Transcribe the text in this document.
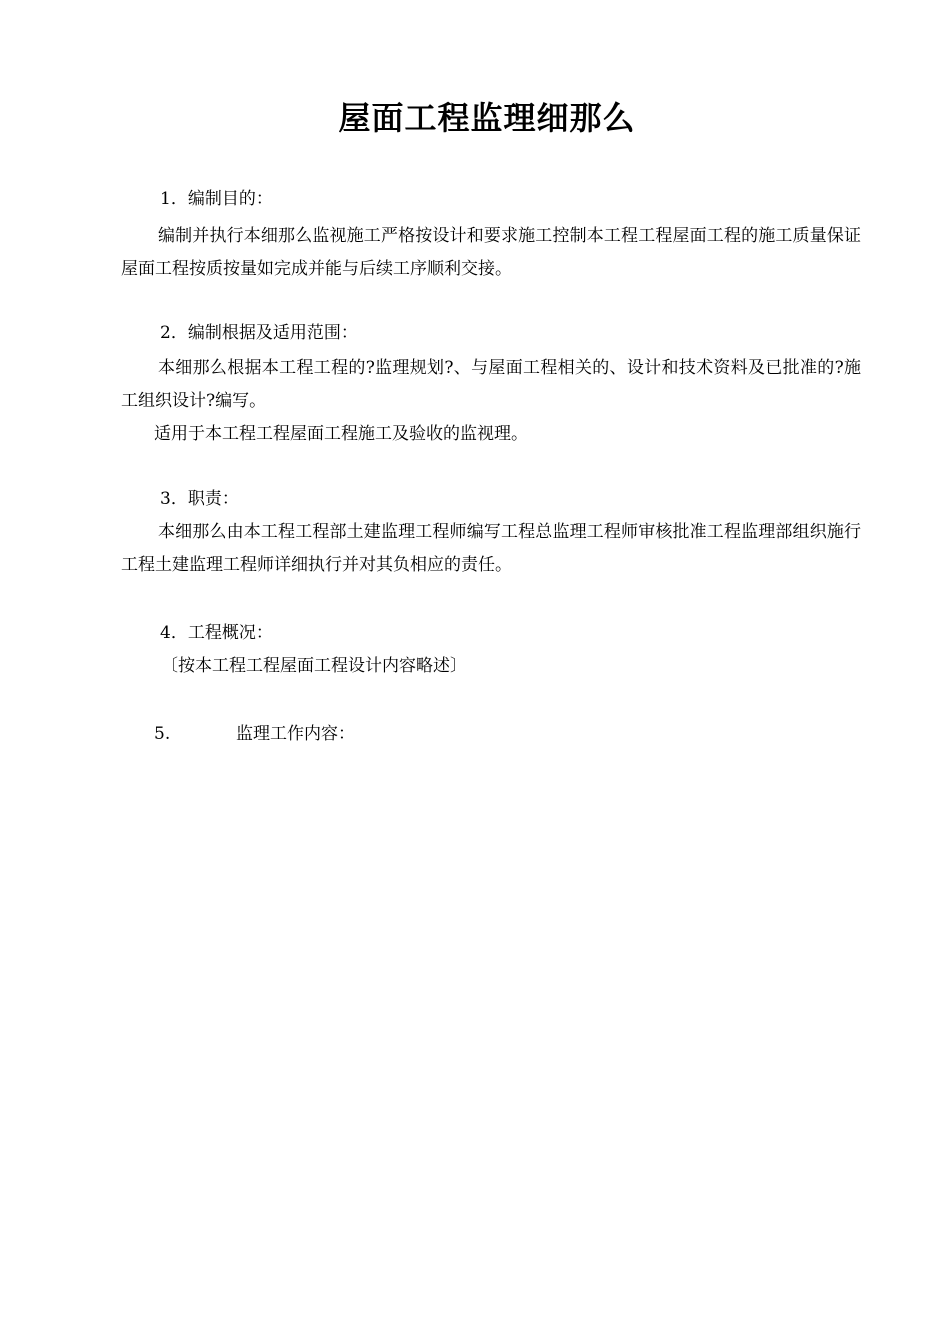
屋面工程监理细那么
1．编制目的：
编制并执行本细那么监视施工严格按设计和要求施工控制本工程工程屋面工程的施工质量保证屋面工程按质按量如完成并能与后续工序顺利交接。
2．编制根据及适用范围：
本细那么根据本工程工程的?监理规划?、与屋面工程相关的、设计和技术资料及已批准的?施工组织设计?编写。
适用于本工程工程屋面工程施工及验收的监视理。
3．职责：
本细那么由本工程工程部土建监理工程师编写工程总监理工程师审核批准工程监理部组织施行工程土建监理工程师详细执行并对其负相应的责任。
4．工程概况：
〔按本工程工程屋面工程设计内容略述〕
5.	监理工作内容：
